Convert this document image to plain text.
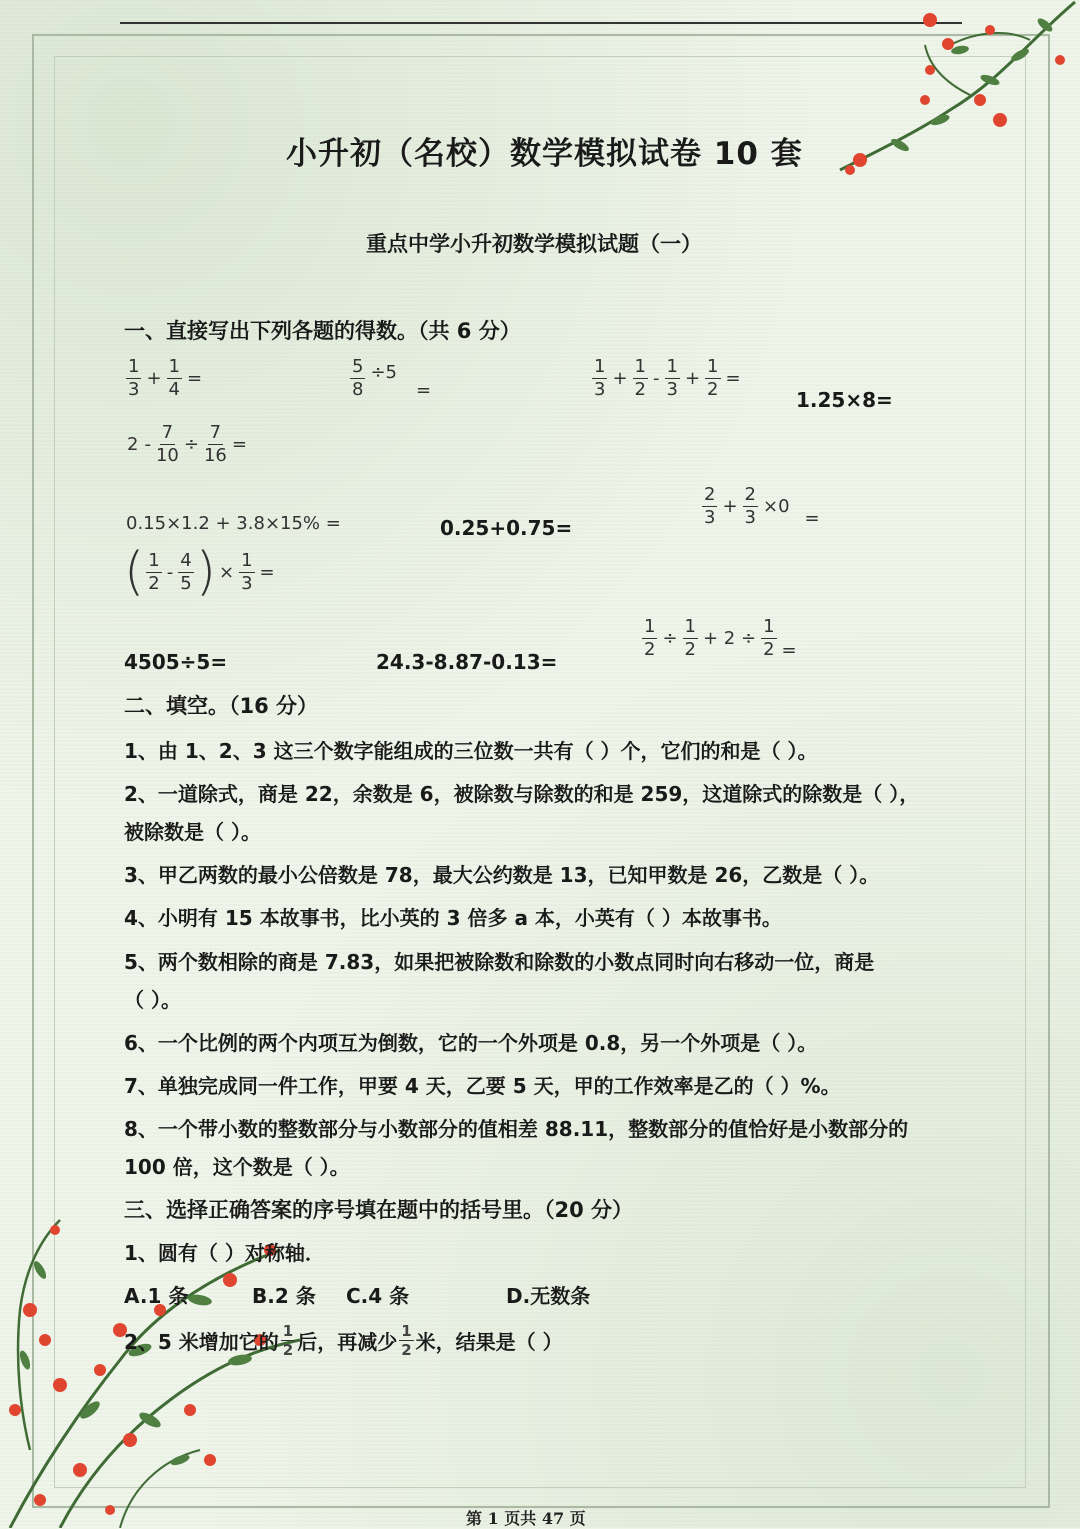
小升初（名校）数学模拟试卷 10 套
重点中学小升初数学模拟试题（一）
一、直接写出下列各题的得数。（共 6 分）
$\frac{1}{3} + \frac{1}{4}$ =	$\frac{5}{8} \div 5=$	$\frac{1}{3} + \frac{1}{2} - \frac{1}{3} + \frac{1}{2}$ =
1.25×8=
$2 - \frac{7}{10} \div \frac{7}{16}$ =
0.15×1.2 + 3.8×15% =	0.25+0.75=	$\frac{2}{3} + \frac{2}{3} \times 0=$
( $\frac{1}{2} - \frac{4}{5}$ ) × $\frac{1}{3}$ =
4505÷5=	24.3-8.87-0.13=
$\frac{1}{2} \div \frac{1}{2} + 2 \div \frac{1}{2}$ =
二、填空。（16 分）
1、由 1、2、3 这三个数字能组成的三位数一共有（ ）个，它们的和是（ ）。
2、一道除式，商是 22，余数是 6，被除数与除数的和是 259，这道除式的除数是（ ），
被除数是（ ）。
3、甲乙两数的最小公倍数是 78，最大公约数是 13，已知甲数是 26，乙数是（ ）。
4、小明有 15 本故事书，比小英的 3 倍多 a 本，小英有（ ）本故事书。
5、两个数相除的商是 7.83，如果把被除数和除数的小数点同时向右移动一位，商是
（ ）。
6、一个比例的两个内项互为倒数，它的一个外项是 0.8，另一个外项是（ ）。
7、单独完成同一件工作，甲要 4 天，乙要 5 天，甲的工作效率是乙的（ ）%。
8、一个带小数的整数部分与小数部分的值相差 88.11，整数部分的值恰好是小数部分的
100 倍，这个数是（ ）。
三、选择正确答案的序号填在题中的括号里。（20 分）
1、圆有（ ）对称轴．
A.1 条	B.2 条 C.4 条	D.无数条
2、5 米增加它的 $\frac{1}{2}$ 后，再减少 $\frac{1}{2}$ 米，结果是（ ）
第 1 页共 47 页
